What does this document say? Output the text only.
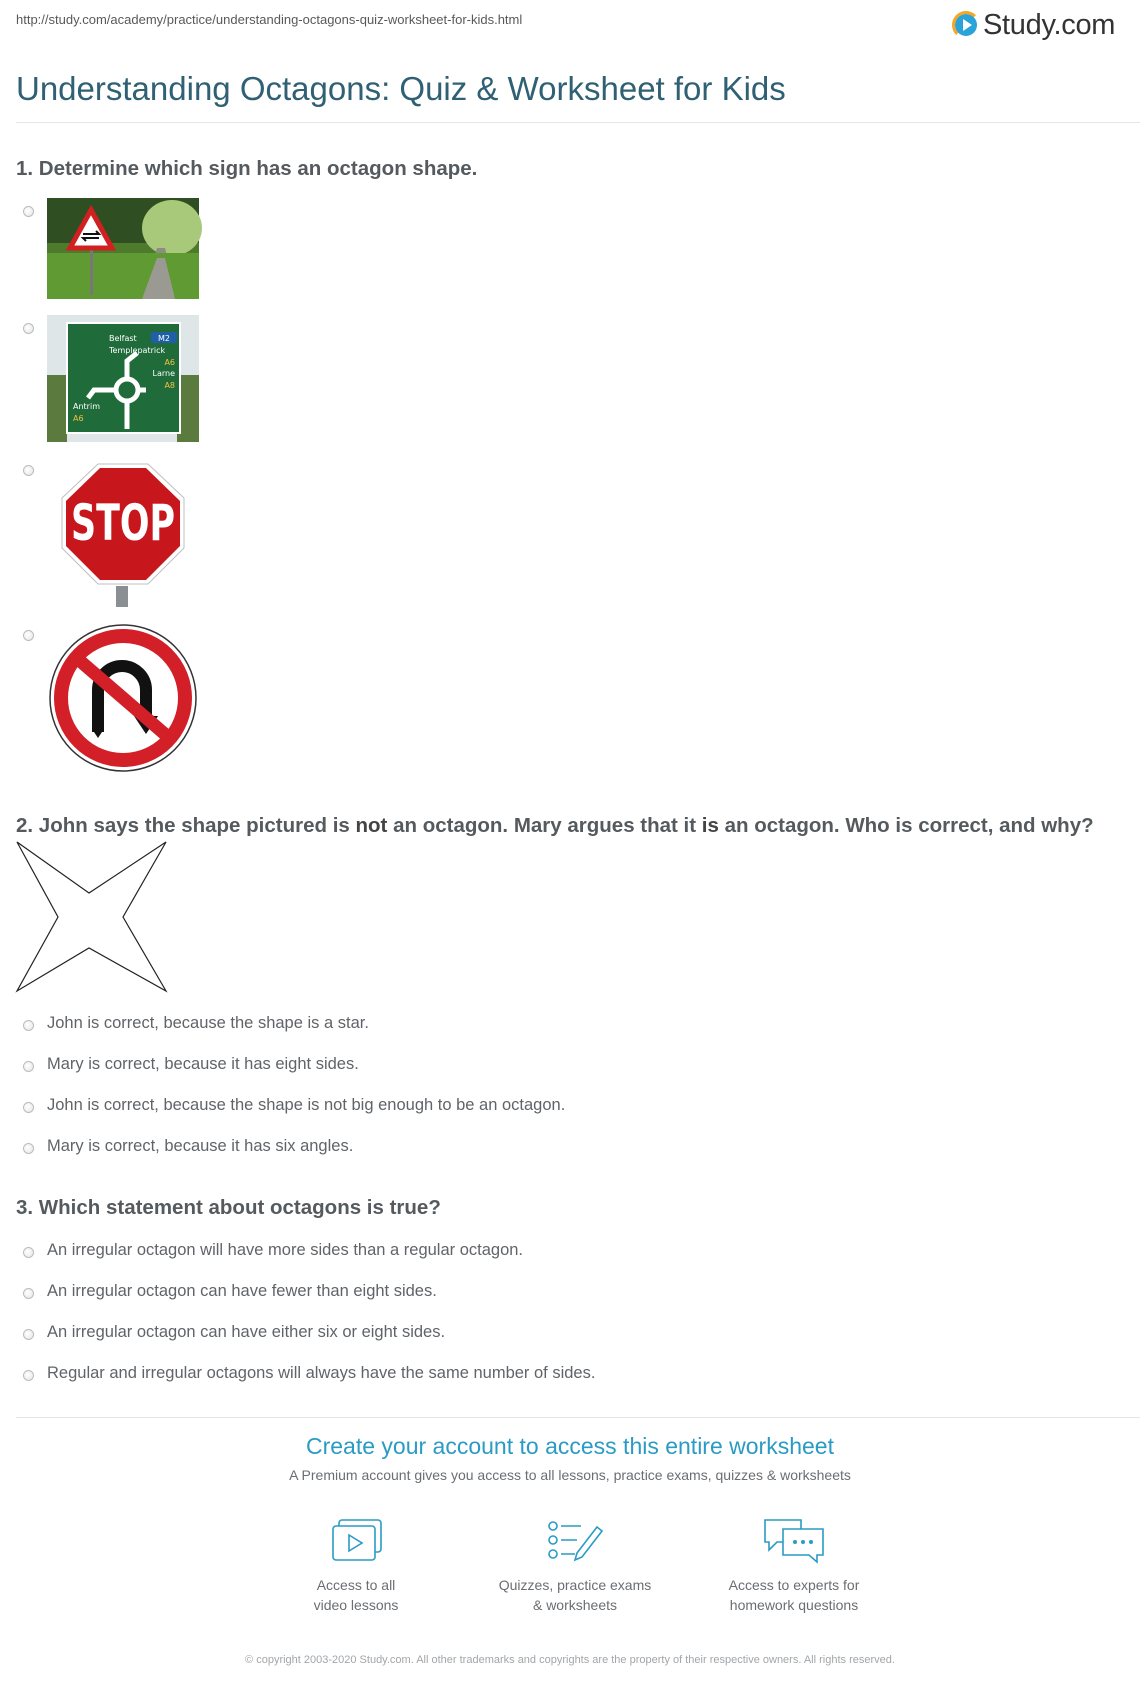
http://study.com/academy/practice/understanding-octagons-quiz-worksheet-for-kids.html	Study.com
Understanding Octagons: Quiz & Worksheet for Kids
1. Determine which sign has an octagon shape.
M2
Belfast
Templepatrick
A6
Larne
A8
Antrim
A6
STOP
2. John says the shape pictured is not an octagon. Mary argues that it is an octagon. Who is correct, and why?
John is correct, because the shape is a star.
Mary is correct, because it has eight sides.
John is correct, because the shape is not big enough to be an octagon.
Mary is correct, because it has six angles.
3. Which statement about octagons is true?
An irregular octagon will have more sides than a regular octagon.
An irregular octagon can have fewer than eight sides.
An irregular octagon can have either six or eight sides.
Regular and irregular octagons will always have the same number of sides.
Create your account to access this entire worksheet
A Premium account gives you access to all lessons, practice exams, quizzes & worksheets
Access to all
video lessons
Quizzes, practice exams
& worksheets
Access to experts for
homework questions
© copyright 2003-2020 Study.com. All other trademarks and copyrights are the property of their respective owners. All rights reserved.
